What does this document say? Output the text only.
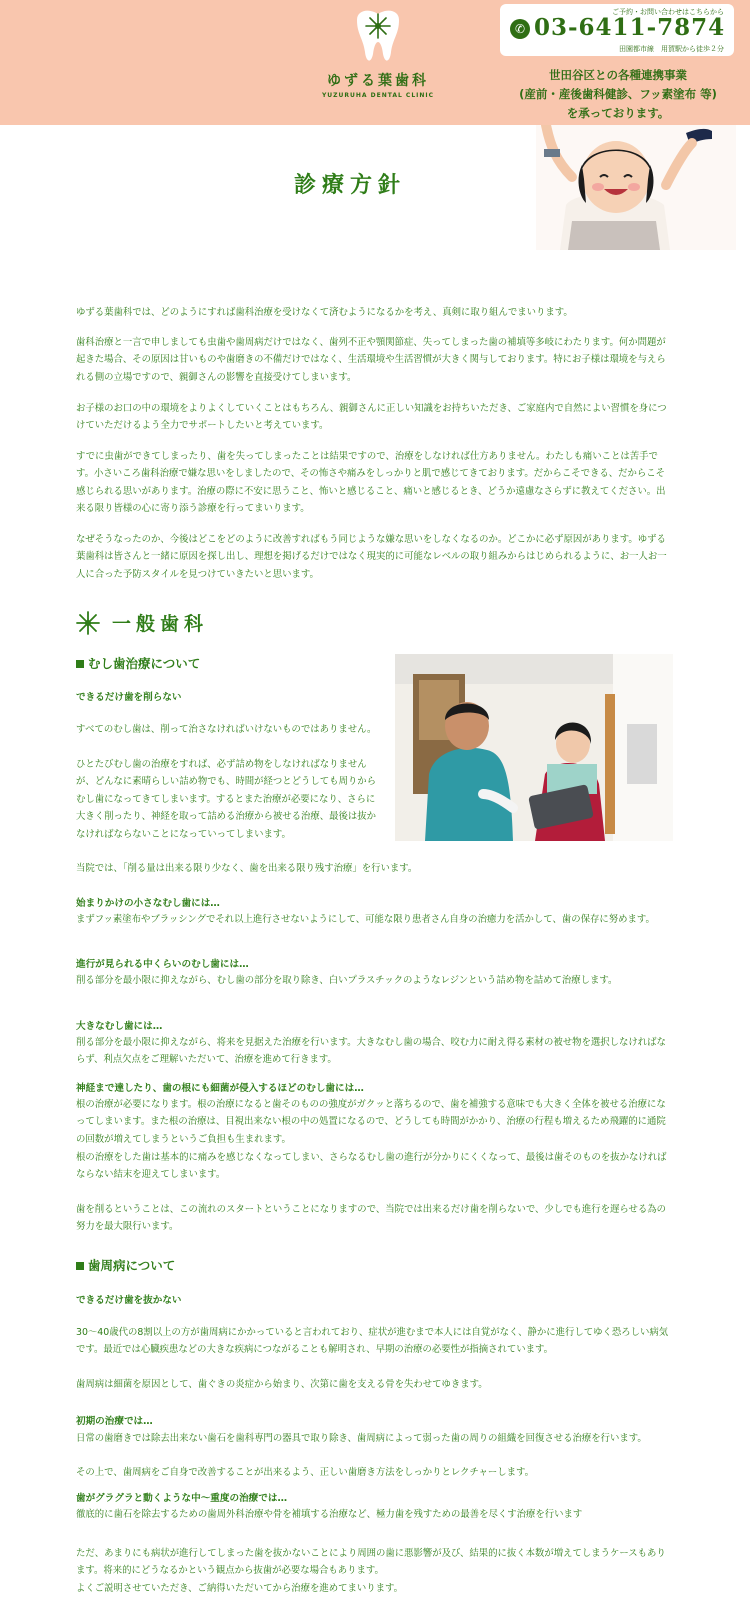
ゆずる葉歯科
YUZURUHA DENTAL CLINIC
ご予約・お問い合わせはこちらから
✆ 03-6411-7874
田園都市線　用賀駅から徒歩２分
世田谷区との各種連携事業
(産前・産後歯科健診、フッ素塗布 等)
を承っております。
診療方針

ゆずる葉歯科では、どのようにすれば歯科治療を受けなくて済むようになるかを考え、真剣に取り組んでまいります。

歯科治療と一言で申しましても虫歯や歯周病だけではなく、歯列不正や顎関節症、失ってしまった歯の補填等多岐にわたります。何か問題が起きた場合、その原因は甘いものや歯磨きの不備だけではなく、生活環境や生活習慣が大きく関与しております。特にお子様は環境を与えられる側の立場ですので、親御さんの影響を直接受けてしまいます。

お子様のお口の中の環境をよりよくしていくことはもちろん、親御さんに正しい知識をお持ちいただき、ご家庭内で自然によい習慣を身につけていただけるよう全力でサポートしたいと考えています。

すでに虫歯ができてしまったり、歯を失ってしまったことは結果ですので、治療をしなければ仕方ありません。わたしも痛いことは苦手です。小さいころ歯科治療で嫌な思いをしましたので、その怖さや痛みをしっかりと肌で感じてきております。だからこそできる、だからこそ感じられる思いがあります。治療の際に不安に思うこと、怖いと感じること、痛いと感じるとき、どうか遠慮なさらずに教えてください。出来る限り皆様の心に寄り添う診療を行ってまいります。

なぜそうなったのか、今後はどこをどのように改善すればもう同じような嫌な思いをしなくなるのか。どこかに必ず原因があります。ゆずる葉歯科は皆さんと一緒に原因を探し出し、理想を掲げるだけではなく現実的に可能なレベルの取り組みからはじめられるように、お一人お一人に合った予防スタイルを見つけていきたいと思います。

一般歯科
むし歯治療について
できるだけ歯を削らない

すべてのむし歯は、削って治さなければいけないものではありません。

ひとたびむし歯の治療をすれば、必ず詰め物をしなければなりませんが、どんなに素晴らしい詰め物でも、時間が経つとどうしても周りからむし歯になってきてしまいます。するとまた治療が必要になり、さらに大きく削ったり、神経を取って詰める治療から被せる治療、最後は抜かなければならないことになっていってしまいます。

当院では、「削る量は出来る限り少なく、歯を出来る限り残す治療」を行います。

始まりかけの小さなむし歯には…

まずフッ素塗布やブラッシングでそれ以上進行させないようにして、可能な限り患者さん自身の治癒力を活かして、歯の保存に努めます。

進行が見られる中くらいのむし歯には…

削る部分を最小限に抑えながら、むし歯の部分を取り除き、白いプラスチックのようなレジンという詰め物を詰めて治療します。

大きなむし歯には…

削る部分を最小限に抑えながら、将来を見据えた治療を行います。大きなむし歯の場合、咬む力に耐え得る素材の被せ物を選択しなければならず、利点欠点をご理解いただいて、治療を進めて行きます。

神経まで達したり、歯の根にも細菌が侵入するほどのむし歯には…

根の治療が必要になります。根の治療になると歯そのものの強度がガクッと落ちるので、歯を補強する意味でも大きく全体を被せる治療になってしまいます。また根の治療は、目視出来ない根の中の処置になるので、どうしても時間がかかり、治療の行程も増えるため飛躍的に通院の回数が増えてしまうというご負担も生まれます。

根の治療をした歯は基本的に痛みを感じなくなってしまい、さらなるむし歯の進行が分かりにくくなって、最後は歯そのものを抜かなければならない結末を迎えてしまいます。

歯を削るということは、この流れのスタートということになりますので、当院では出来るだけ歯を削らないで、少しでも進行を遅らせる為の努力を最大限行います。

歯周病について
できるだけ歯を抜かない

30～40歳代の8割以上の方が歯周病にかかっていると言われており、症状が進むまで本人には自覚がなく、静かに進行してゆく恐ろしい病気です。最近では心臓疾患などの大きな疾病につながることも解明され、早期の治療の必要性が指摘されています。

歯周病は細菌を原因として、歯ぐきの炎症から始まり、次第に歯を支える骨を失わせてゆきます。

初期の治療では…

日常の歯磨きでは除去出来ない歯石を歯科専門の器具で取り除き、歯周病によって弱った歯の周りの組織を回復させる治療を行います。

その上で、歯周病をご自身で改善することが出来るよう、正しい歯磨き方法をしっかりとレクチャーします。

歯がグラグラと動くような中～重度の治療では…

徹底的に歯石を除去するための歯周外科治療や骨を補填する治療など、極力歯を残すための最善を尽くす治療を行います

ただ、あまりにも病状が進行してしまった歯を抜かないことにより周囲の歯に悪影響が及び、結果的に抜く本数が増えてしまうケースもあります。将来的にどうなるかという観点から抜歯が必要な場合もあります。

よくご説明させていただき、ご納得いただいてから治療を進めてまいります。
